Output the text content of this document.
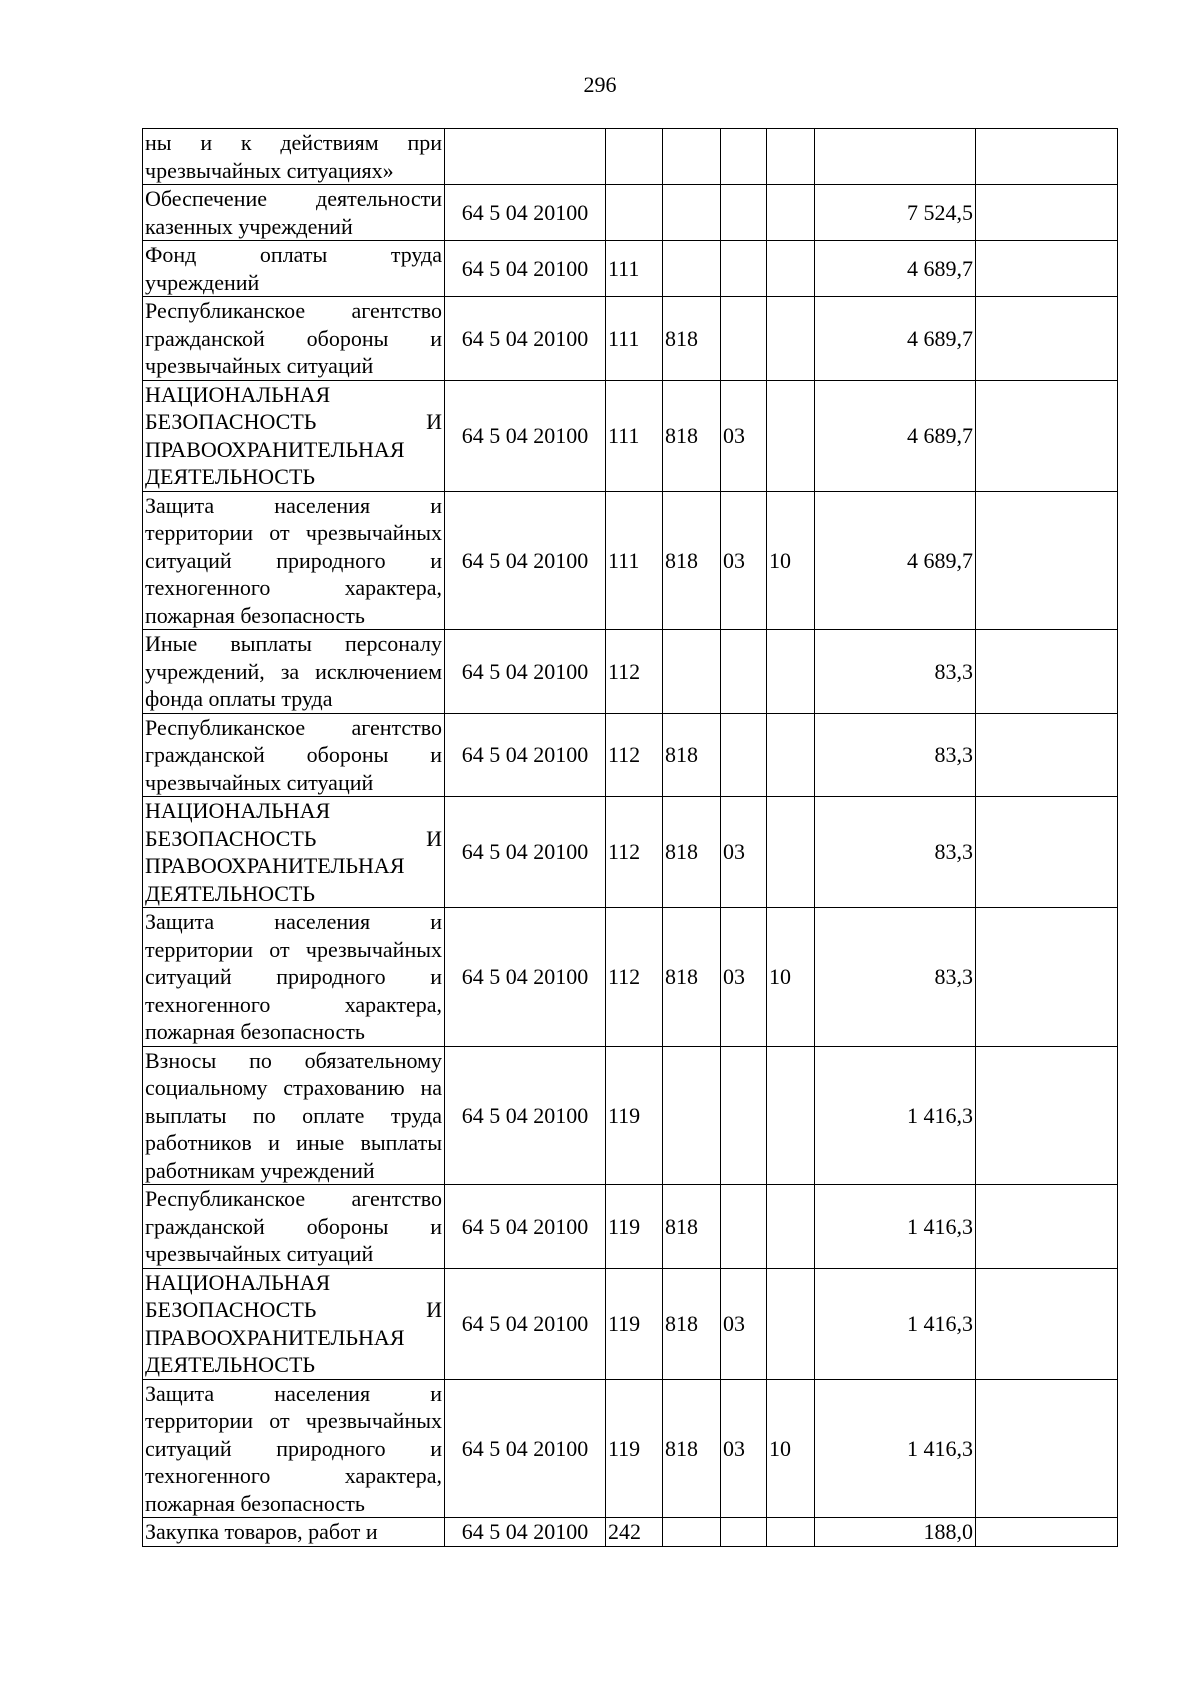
296
ны и к действиям при чрезвычайных ситуациях»							
Обеспечение деятельности казенных учреждений	64 5 04 20100					7 524,5	
Фонд оплаты труда учреждений	64 5 04 20100	111				4 689,7	
Республиканское агентство гражданской обороны и чрезвычайных ситуаций	64 5 04 20100	111	818			4 689,7	
НАЦИОНАЛЬНАЯ БЕЗОПАСНОСТЬ И ПРАВООХРАНИТЕЛЬНАЯ ДЕЯТЕЛЬНОСТЬ	64 5 04 20100	111	818	03		4 689,7	
Защита населения и территории от чрезвычайных ситуаций природного и техногенного характера, пожарная безопасность	64 5 04 20100	111	818	03	10	4 689,7	
Иные выплаты персоналу учреждений, за исключением фонда оплаты труда	64 5 04 20100	112				83,3	
Республиканское агентство гражданской обороны и чрезвычайных ситуаций	64 5 04 20100	112	818			83,3	
НАЦИОНАЛЬНАЯ БЕЗОПАСНОСТЬ И ПРАВООХРАНИТЕЛЬНАЯ ДЕЯТЕЛЬНОСТЬ	64 5 04 20100	112	818	03		83,3	
Защита населения и территории от чрезвычайных ситуаций природного и техногенного характера, пожарная безопасность	64 5 04 20100	112	818	03	10	83,3	
Взносы по обязательному социальному страхованию на выплаты по оплате труда работников и иные выплаты работникам учреждений	64 5 04 20100	119				1 416,3	
Республиканское агентство гражданской обороны и чрезвычайных ситуаций	64 5 04 20100	119	818			1 416,3	
НАЦИОНАЛЬНАЯ БЕЗОПАСНОСТЬ И ПРАВООХРАНИТЕЛЬНАЯ ДЕЯТЕЛЬНОСТЬ	64 5 04 20100	119	818	03		1 416,3	
Защита населения и территории от чрезвычайных ситуаций природного и техногенного характера, пожарная безопасность	64 5 04 20100	119	818	03	10	1 416,3	
Закупка товаров, работ и	64 5 04 20100	242				188,0	
